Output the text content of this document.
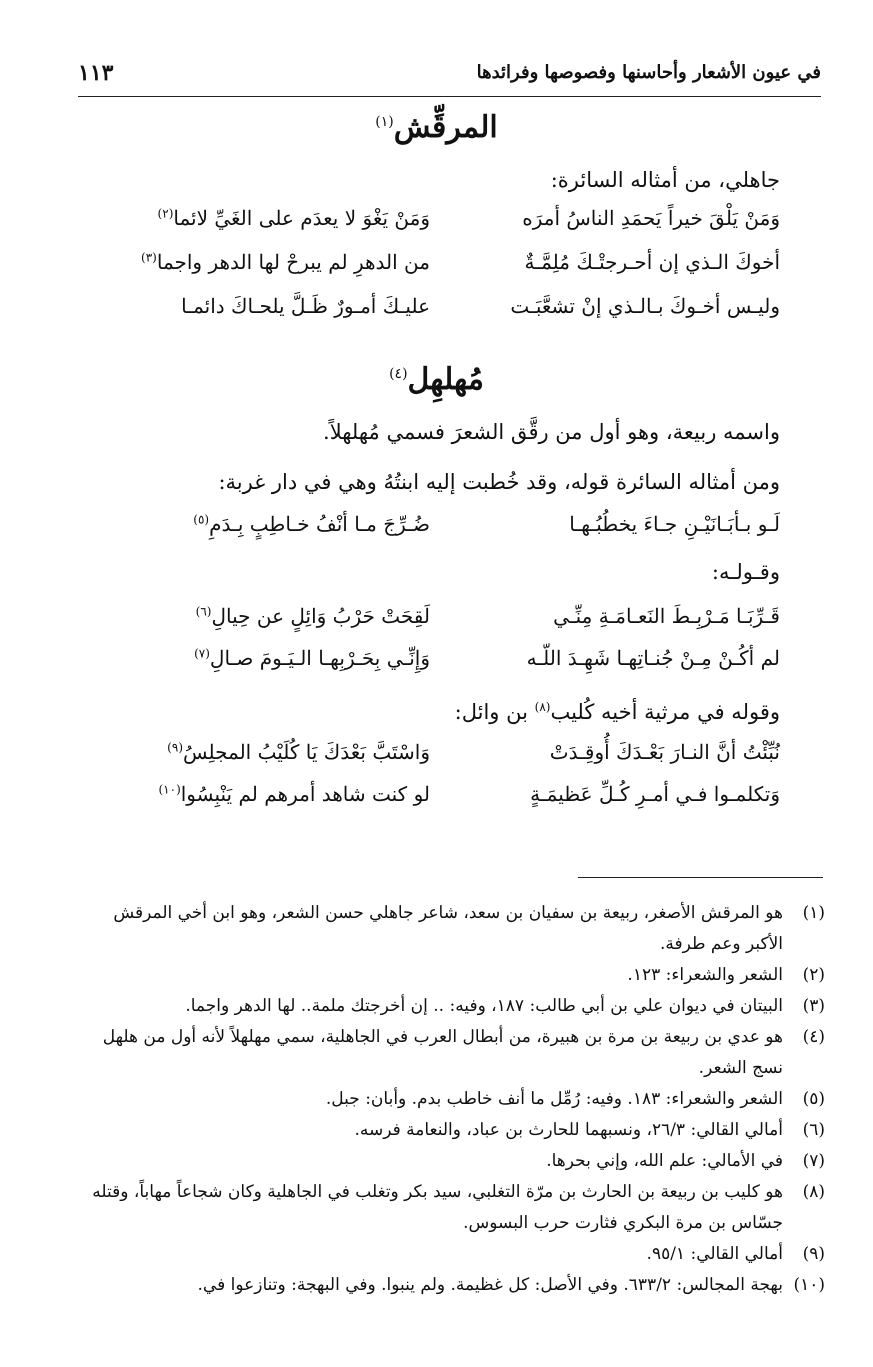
في عيون الأشعار وأحاسنها وفصوصها وفرائدها
١١٣
المرقِّش$^{(١)}$
جاهلي، من أمثاله السائرة:
وَمَنْ يَلْقَ خيراً يَحمَدِ الناسُ أمرَه
وَمَنْ يَغْوَ لا يعدَم على الغَيِّ لائما$^{(٢)}$
أخوكَ الـذي إن أحـرجتْـكَ مُلِمَّـةٌ
من الدهرِ لم يبرحْ لها الدهر واجما$^{(٣)}$
وليـس أخـوكَ بـالـذي إنْ تشعَّبَـت
عليـكَ أمـورٌ ظَـلَّ يلحـاكَ دائمـا
مُهلهِل$^{(٤)}$
واسمه ربيعة، وهو أول من رقَّق الشعرَ فسمي مُهلهلاً.
ومن أمثاله السائرة قوله، وقد خُطبت إليه ابنتُهُ وهي في دار غربة:
لَـو بـأبَـانَيْـنِ جـاءَ يخطُبُـهـا
ضُـرِّجَ مـا أنْفُ خـاطِبٍ بِـدَمِ$^{(٥)}$
وقـولـه:
قَـرِّبَـا مَـرْبِـطَ النَعـامَـةِ مِنِّـي
لَقِحَتْ حَرْبُ وَائِلٍ عن حِيالِ$^{(٦)}$
لم أكُـنْ مِـنْ جُنـاتِهـا شَهِـدَ اللّـه
وَإِنِّـي بِحَـرْبِهـا الـيَـومَ صـالِ$^{(٧)}$
وقوله في مرثية أخيه كُليب$^{(٨)}$ بن وائل:
نُبِّئْتُ أنَّ النـارَ بَعْـدَكَ أُوقِـدَتْ
وَاسْتَبَّ بَعْدَكَ يَا كُلَيْبُ المجلِسُ$^{(٩)}$
وَتكلمـوا فـي أمـرِ كُـلِّ عَظيمَـةٍ
لو كنت شاهد أمرهم لم يَنْبِسُوا$^{(١٠)}$

(١)
هو المرقش الأصغر، ربيعة بن سفيان بن سعد، شاعر جاهلي حسن الشعر، وهو ابن أخي المرقش الأكبر وعم طرفة.

(٢)
الشعر والشعراء: ١٢٣.

(٣)
البيتان في ديوان علي بن أبي طالب: ١٨٧، وفيه: .. إن أخرجتك ملمة.. لها الدهر واجما.

(٤)
هو عدي بن ربيعة بن مرة بن هبيرة، من أبطال العرب في الجاهلية، سمي مهلهلاً لأنه أول من هلهل نسج الشعر.

(٥)
الشعر والشعراء: ١٨٣. وفيه: رُمِّل ما أنف خاطب بدم. وأبان: جبل.

(٦)
أمالي القالي: ٢٦/٣، ونسبهما للحارث بن عباد، والنعامة فرسه.

(٧)
في الأمالي: علم الله، وإني بحرها.

(٨)
هو كليب بن ربيعة بن الحارث بن مرّة التغلبي، سيد بكر وتغلب في الجاهلية وكان شجاعاً مهاباً، وقتله جسّاس بن مرة البكري فثارت حرب البسوس.

(٩)
أمالي القالي: ٩٥/١.

(١٠)
بهجة المجالس: ٦٣٣/٢. وفي الأصل: كل غظيمة. ولم ينبوا. وفي البهجة: وتنازعوا في.
